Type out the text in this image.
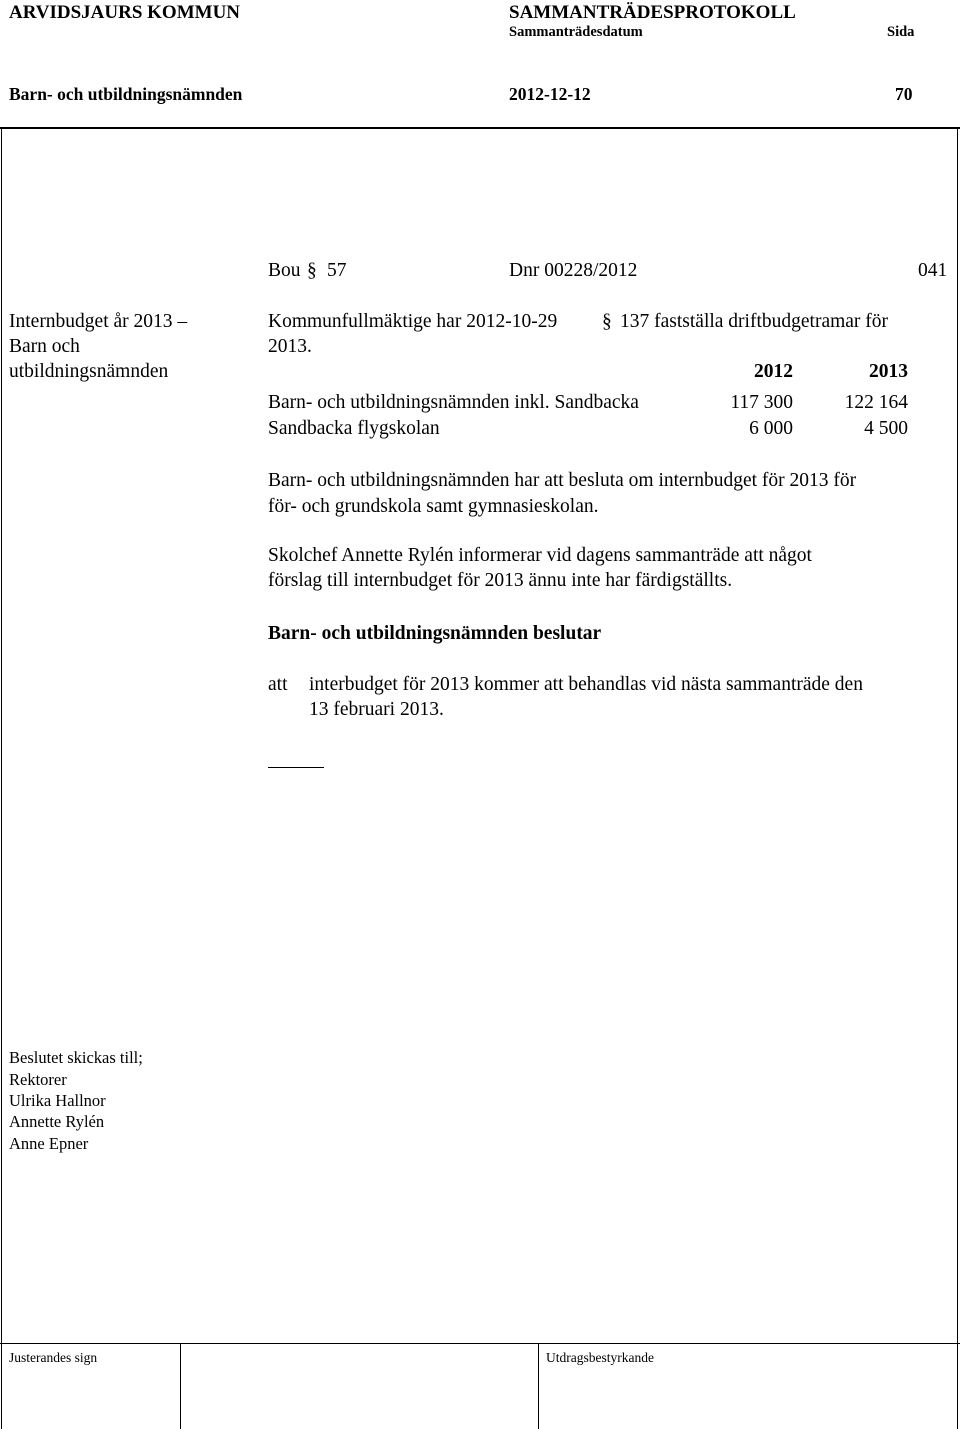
ARVIDSJAURS KOMMUN	SAMMANTRÄDESPROTOKOLL
Sammanträdesdatum	Sida
Barn- och utbildningsnämnden	2012-12-12	70
Bou § 57	Dnr 00228/2012	041
Internbudget år 2013 –
Barn och
utbildningsnämnden
Kommunfullmäktige har 2012-10-29 § 137 fastställa driftbudgetramar för
2013.
2012	2013
Barn- och utbildningsnämnden inkl. Sandbacka	117 300	122 164
Sandbacka flygskolan	6 000	4 500
Barn- och utbildningsnämnden har att besluta om internbudget för 2013 för
för- och grundskola samt gymnasieskolan.
Skolchef Annette Rylén informerar vid dagens sammanträde att något
förslag till internbudget för 2013 ännu inte har färdigställts.
Barn- och utbildningsnämnden beslutar
att interbudget för 2013 kommer att behandlas vid nästa sammanträde den
13 februari 2013.
Beslutet skickas till;
Rektorer
Ulrika Hallnor
Annette Rylén
Anne Epner
Justerandes sign	Utdragsbestyrkande
